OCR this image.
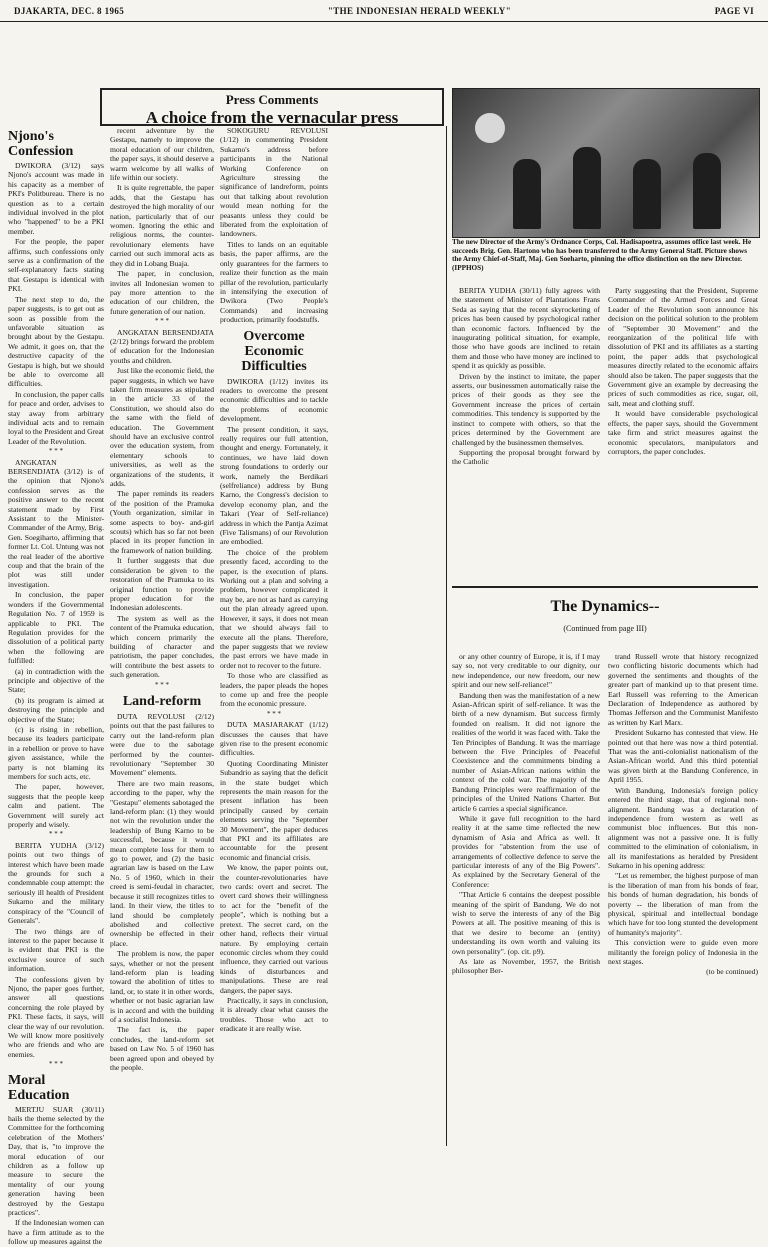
DJAKARTA, DEC. 8 1965	"THE INDONESIAN HERALD WEEKLY"	PAGE VI
Press Comments
A choice from the vernacular press
Njono's Confession

DWIKORA (3/12) says Njono's account was made in his capacity as a member of PKI's Politbureau. There is no question as to a certain individual involved in the plot who "happened" to be a PKI member.

For the people, the paper affirms, such confessions only serve as a confirmation of the self-explanatory facts stating that Gestapu is identical with PKI.

The next step to do, the paper suggests, is to get out as soon as possible from the unfavorable situation as brought about by the Gestapu. We admit, it goes on, that the destructive capacity of the Gestapu is high, but we should be able to overcome all difficulties.

In conclusion, the paper calls for peace and order, advises to stay away from arbitrary individual acts and to remain loyal to the President and Great Leader of the Revolution.

* * *

ANGKATAN BERSENDJATA (3/12) is of the opinion that Njono's confession serves as the positive answer to the recent statement made by First Assistant to the Minister-Commander of the Army, Brig. Gen. Soegiharto, affirming that former Lt. Col. Untung was not the real leader of the abortive coup and that the brain of the plot was still under investigation.

In conclusion, the paper wonders if the Governmental Regulation No. 7 of 1959 is applicable to PKI. The Regulation provides for the dissolution of a political party when the following are fulfilled:

(a) in contradiction with the principle and objective of the State;

(b) its program is aimed at destroying the principle and objective of the State;

(c) is rising in rebellion, because its leaders participate in a rebellion or prove to have given assistance, while the party is not blaming its members for such acts, etc.

The paper, however, suggests that the people keep calm and patient. The Government will surely act properly and wisely.

* * *

BERITA YUDHA (3/12) points out two things of interest which have been made the grounds for such a condemnable coup attempt: the seriously ill health of President Sukarno and the military conspiracy of the "Council of Generals".

The two things are of interest to the paper because it is evident that PKI is the exclusive source of such information.

The confessions given by Njono, the paper goes further, answer all questions concerning the role played by PKI. These facts, it says, will clear the way of our revolution. We will know more positively who are friends and who are enemies.

* * *
Moral Education

MERTJU SUAR (30/11) hails the theme selected by the Committee for the forthcoming celebration of the Mothers' Day, that is, "to improve the moral education of our children as a follow up measure to secure the mentality of our young generation having been destroyed by the Gestapu practices".

If the Indonesian women can have a firm attitude as to the follow up measures against the

recent adventure by the Gestapu, namely to improve the moral education of our children, the paper says, it should deserve a warm welcome by all walks of life within our society.

It is quite regrettable, the paper adds, that the Gestapu has destroyed the high morality of our nation, particularly that of our women. Ignoring the ethic and religious norms, the counter-revolutionary elements have carried out such immoral acts as they did in Lobang Buaja.

The paper, in conclusion, invites all Indonesian women to pay more attention to the education of our children, the future generation of our nation.

* * *

ANGKATAN BERSENDJATA (2/12) brings forward the problem of education for the Indonesian youths and children.

Just like the economic field, the paper suggests, in which we have taken firm measures as stipulated in the article 33 of the Constitution, we should also do the same with the field of education. The Government should have an exclusive control over the education system, from elementary schools to universities, as well as the organizations of the students, it adds.

The paper reminds its readers of the position of the Pramuka (Youth organization, similar in some aspects to boy- and-girl scouts) which has so far not been placed in its proper function in the framework of nation building.

It further suggests that due consideration be given to the restoration of the Pramuka to its original function to provide proper education for the Indonesian adolescents.

The system as well as the content of the Pramuka education, which concern primarily the building of character and patriotism, the paper concludes, will contribute the best assets to such generation.

* * *
Land-reform

DUTA REVOLUSI (2/12) points out that the past failures to carry out the land-reform plan were due to the sabotage performed by the counter-revolutionary "September 30 Movement" elements.

There are two main reasons, according to the paper, why the "Gestapu" elements sabotaged the land-reform plan: (1) they would not win the revolution under the leadership of Bung Karno to be successful, because it would mean complete loss for them to go to power, and (2) the basic agrarian law is based on the Law No. 5 of 1960, which in their creed is semi-feudal in character, because it still recognizes titles to land. In their view, the titles to land should be completely abolished and collective ownership be effected in their place.

The problem is now, the paper says, whether or not the present land-reform plan is leading toward the abolition of titles to land, or, to state it in other words, whether or not basic agrarian law is in accord and with the building of a socialist Indonesia.

The fact is, the paper concludes, the land-reform set based on Law No. 5 of 1960 has been agreed upon and obeyed by the people.

SOKOGURU REVOLUSI (1/12) in commenting President Sukarno's address before participants in the National Working Conference on Agriculture stressing the significance of landreform, points out that talking about revolution would mean nothing for the peasants unless they could be liberated from the exploitation of landowners.

Titles to lands on an equitable basis, the paper affirms, are the only guarantees for the farmers to realize their function as the main pillar of the revolution, particularly in intensifying the execution of Dwikora (Two People's Commands) and increasing production, primarily foodstuffs.

Overcome Economic Difficulties

DWIKORA (1/12) invites its readers to overcome the present economic difficulties and to tackle the problems of economic development.

The present condition, it says, really requires our full attention, thought and energy. Fortunately, it continues, we have laid down strong foundations to orderly our work, namely the Berdikari (selfreliance) address by Bung Karno, the Congress's decision to develop economy plan, and the Takari (Year of Self-reliance) address in which the Pantja Azimat (Five Talismans) of our Revolution are embodied.

The choice of the problem presently faced, according to the paper, is the execution of plans. Working out a plan and solving a problem, however complicated it may be, are not as hard as carrying out the plan already agreed upon. However, it says, it does not mean that we should always fail to execute all the plans. Therefore, the paper suggests that we review the past errors we have made in order not to recover to the future.

To those who are classified as leaders, the paper pleads the hopes to come up and free the people from the economic pressure.

* * *

DUTA MASJARAKAT (1/12) discusses the causes that have given rise to the present economic difficulties.

Quoting Coordinating Minister Subandrio as saying that the deficit in the state budget which represents the main reason for the present inflation has been principally caused by certain elements serving the "September 30 Movement", the paper deduces that PKI and its affiliates are accountable for the present economic and financial crisis.

We know, the paper points out, the counter-revolutionaries have two cards: overt and secret. The overt card shows their willingness to act for the "benefit of the people", which is nothing but a pretext. The secret card, on the other hand, reflects their virtual nature. By employing certain economic circles whom they could influence, they carried out various kinds of disturbances and manipulations. These are real dangers, the paper says.

Practically, it says in conclusion, it is already clear what causes the troubles. Those who act to eradicate it are really wise.

The new Director of the Army's Ordnance Corps, Col. Hadisapoetra, assumes office last week. He succeeds Brig. Gen. Hartono who has been transferred to the Army General Staff. Picture shows the Army Chief-of-Staff, Maj. Gen Soeharto, pinning the office distinction on the new Director. (IPPHOS)

BERITA YUDHA (30/11) fully agrees with the statement of Minister of Plantations Frans Seda as saying that the recent skyrocketing of prices has been caused by psychological rather than economic factors. Influenced by the inaugurating political situation, for example, those who have goods are inclined to retain them and those who have money are inclined to spend it as quickly as possible.

Driven by the instinct to imitate, the paper asserts, our businessmen automatically raise the prices of their goods as they see the Government increase the prices of certain commodities. This tendency is supported by the instinct to compete with others, so that the prices determined by the Government are challenged by the businessmen themselves.

Supporting the proposal brought forward by the Catholic

Party suggesting that the President, Supreme Commander of the Armed Forces and Great Leader of the Revolution soon announce his decision on the political solution to the problem of "September 30 Movement" and the reorganization of the political life with dissolution of PKI and its affiliates as a starting point, the paper adds that psychological measures directly related to the economic affairs should also be taken. The paper suggests that the Government give an example by decreasing the prices of such commodities as rice, sugar, oil, salt, meat and clothing stuff.

It would have considerable psychological effects, the paper says, should the Government take firm and strict measures against the economic speculators, manipulators and corruptors, the paper concludes.

The Dynamics--
(Continued from page III)

or any other country of Europe, it is, if I may say so, not very creditable to our dignity, our new independence, our new freedom, our new spirit and our new self-reliance!"

Bandung then was the manifestation of a new Asian-African spirit of self-reliance. It was the birth of a new dynamism. But success firmly founded on realism. It did not ignore the realities of the world it was faced with. Take the Ten Principles of Bandung. It was the marriage between the Five Principles of Peaceful Coexistence and the commitments binding a number of Asian-African nations within the context of the cold war. The majority of the Bandung Principles were reaffirmation of the principles of the United Nations Charter. But article 6 carries a special significance.

While it gave full recognition to the hard reality it at the same time reflected the new dynamism of Asia and Africa as well. It provides for "abstention from the use of arrangements of collective defence to serve the particular interests of any of the Big Powers". As explained by the Secretary General of the Conference:

"That Article 6 contains the deepest possible meaning of the spirit of Bandung. We do not wish to serve the interests of any of the Big Powers at all. The positive meaning of this is that we desire to become an (entity) understanding its own worth and valuing its own personality". (op. cit. p9).

As late as November, 1957, the British philosopher Ber-

trand Russell wrote that history recognized two conflicting historic documents which had governed the sentiments and thoughts of the greater part of mankind up to that present time. Earl Russell was referring to the American Declaration of Independence as authored by Thomas Jefferson and the Communist Manifesto as written by Karl Marx.

President Sukarno has contested that view. He pointed out that here was now a third potential. That was the anti-colonialist nationalism of the Asian-African world. And this third potential was given birth at the Bandung Conference, in April 1955.

With Bandung, Indonesia's foreign policy entered the third stage, that of regional non-alignment. Bandung was a declaration of independence from western as well as communist bloc influences. But this non-alignment was not a passive one. It is fully committed to the elimination of colonialism, in all its manifestations as heralded by President Sukarno in his opening address:

"Let us remember, the highest purpose of man is the liberation of man from his bonds of fear, his bonds of human degradation, his bonds of poverty -- the liberation of man from the physical, spiritual and intellectual bondage which have for too long stunted the development of humanity's majority".

This conviction were to guide even more militantly the foreign policy of Indonesia in the next stages.

(to be continued)
